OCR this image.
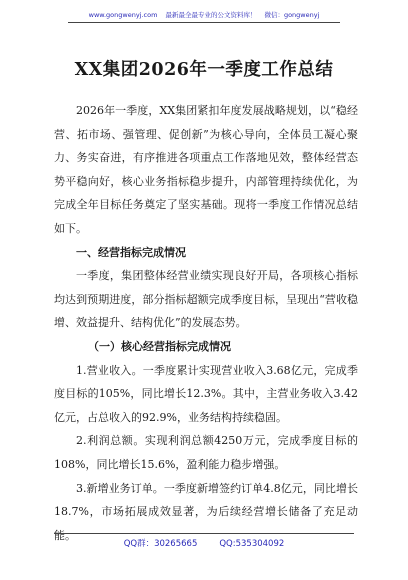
www.gongwenyj.com 最新最全最专业的公文资料库！ 微信：gongwenyj
XX集团2026年一季度工作总结

2026年一季度，XX集团紧扣年度发展战略规划，以“稳经营、拓市场、强管理、促创新”为核心导向，全体员工凝心聚力、务实奋进，有序推进各项重点工作落地见效，整体经营态势平稳向好，核心业务指标稳步提升，内部管理持续优化，为完成全年目标任务奠定了坚实基础。现将一季度工作情况总结如下。

一、经营指标完成情况

一季度，集团整体经营业绩实现良好开局，各项核心指标均达到预期进度，部分指标超额完成季度目标，呈现出“营收稳增、效益提升、结构优化”的发展态势。

（一）核心经营指标完成情况

1.营业收入。一季度累计实现营业收入3.68亿元，完成季度目标的105%，同比增长12.3%。其中，主营业务收入3.42亿元，占总收入的92.9%，业务结构持续稳固。

2.利润总额。实现利润总额4250万元，完成季度目标的108%，同比增长15.6%，盈利能力稳步增强。

3.新增业务订单。一季度新增签约订单4.8亿元，同比增长18.7%，市场拓展成效显著，为后续经营增长储备了充足动能。

QQ群：30265665	QQ:535304092
